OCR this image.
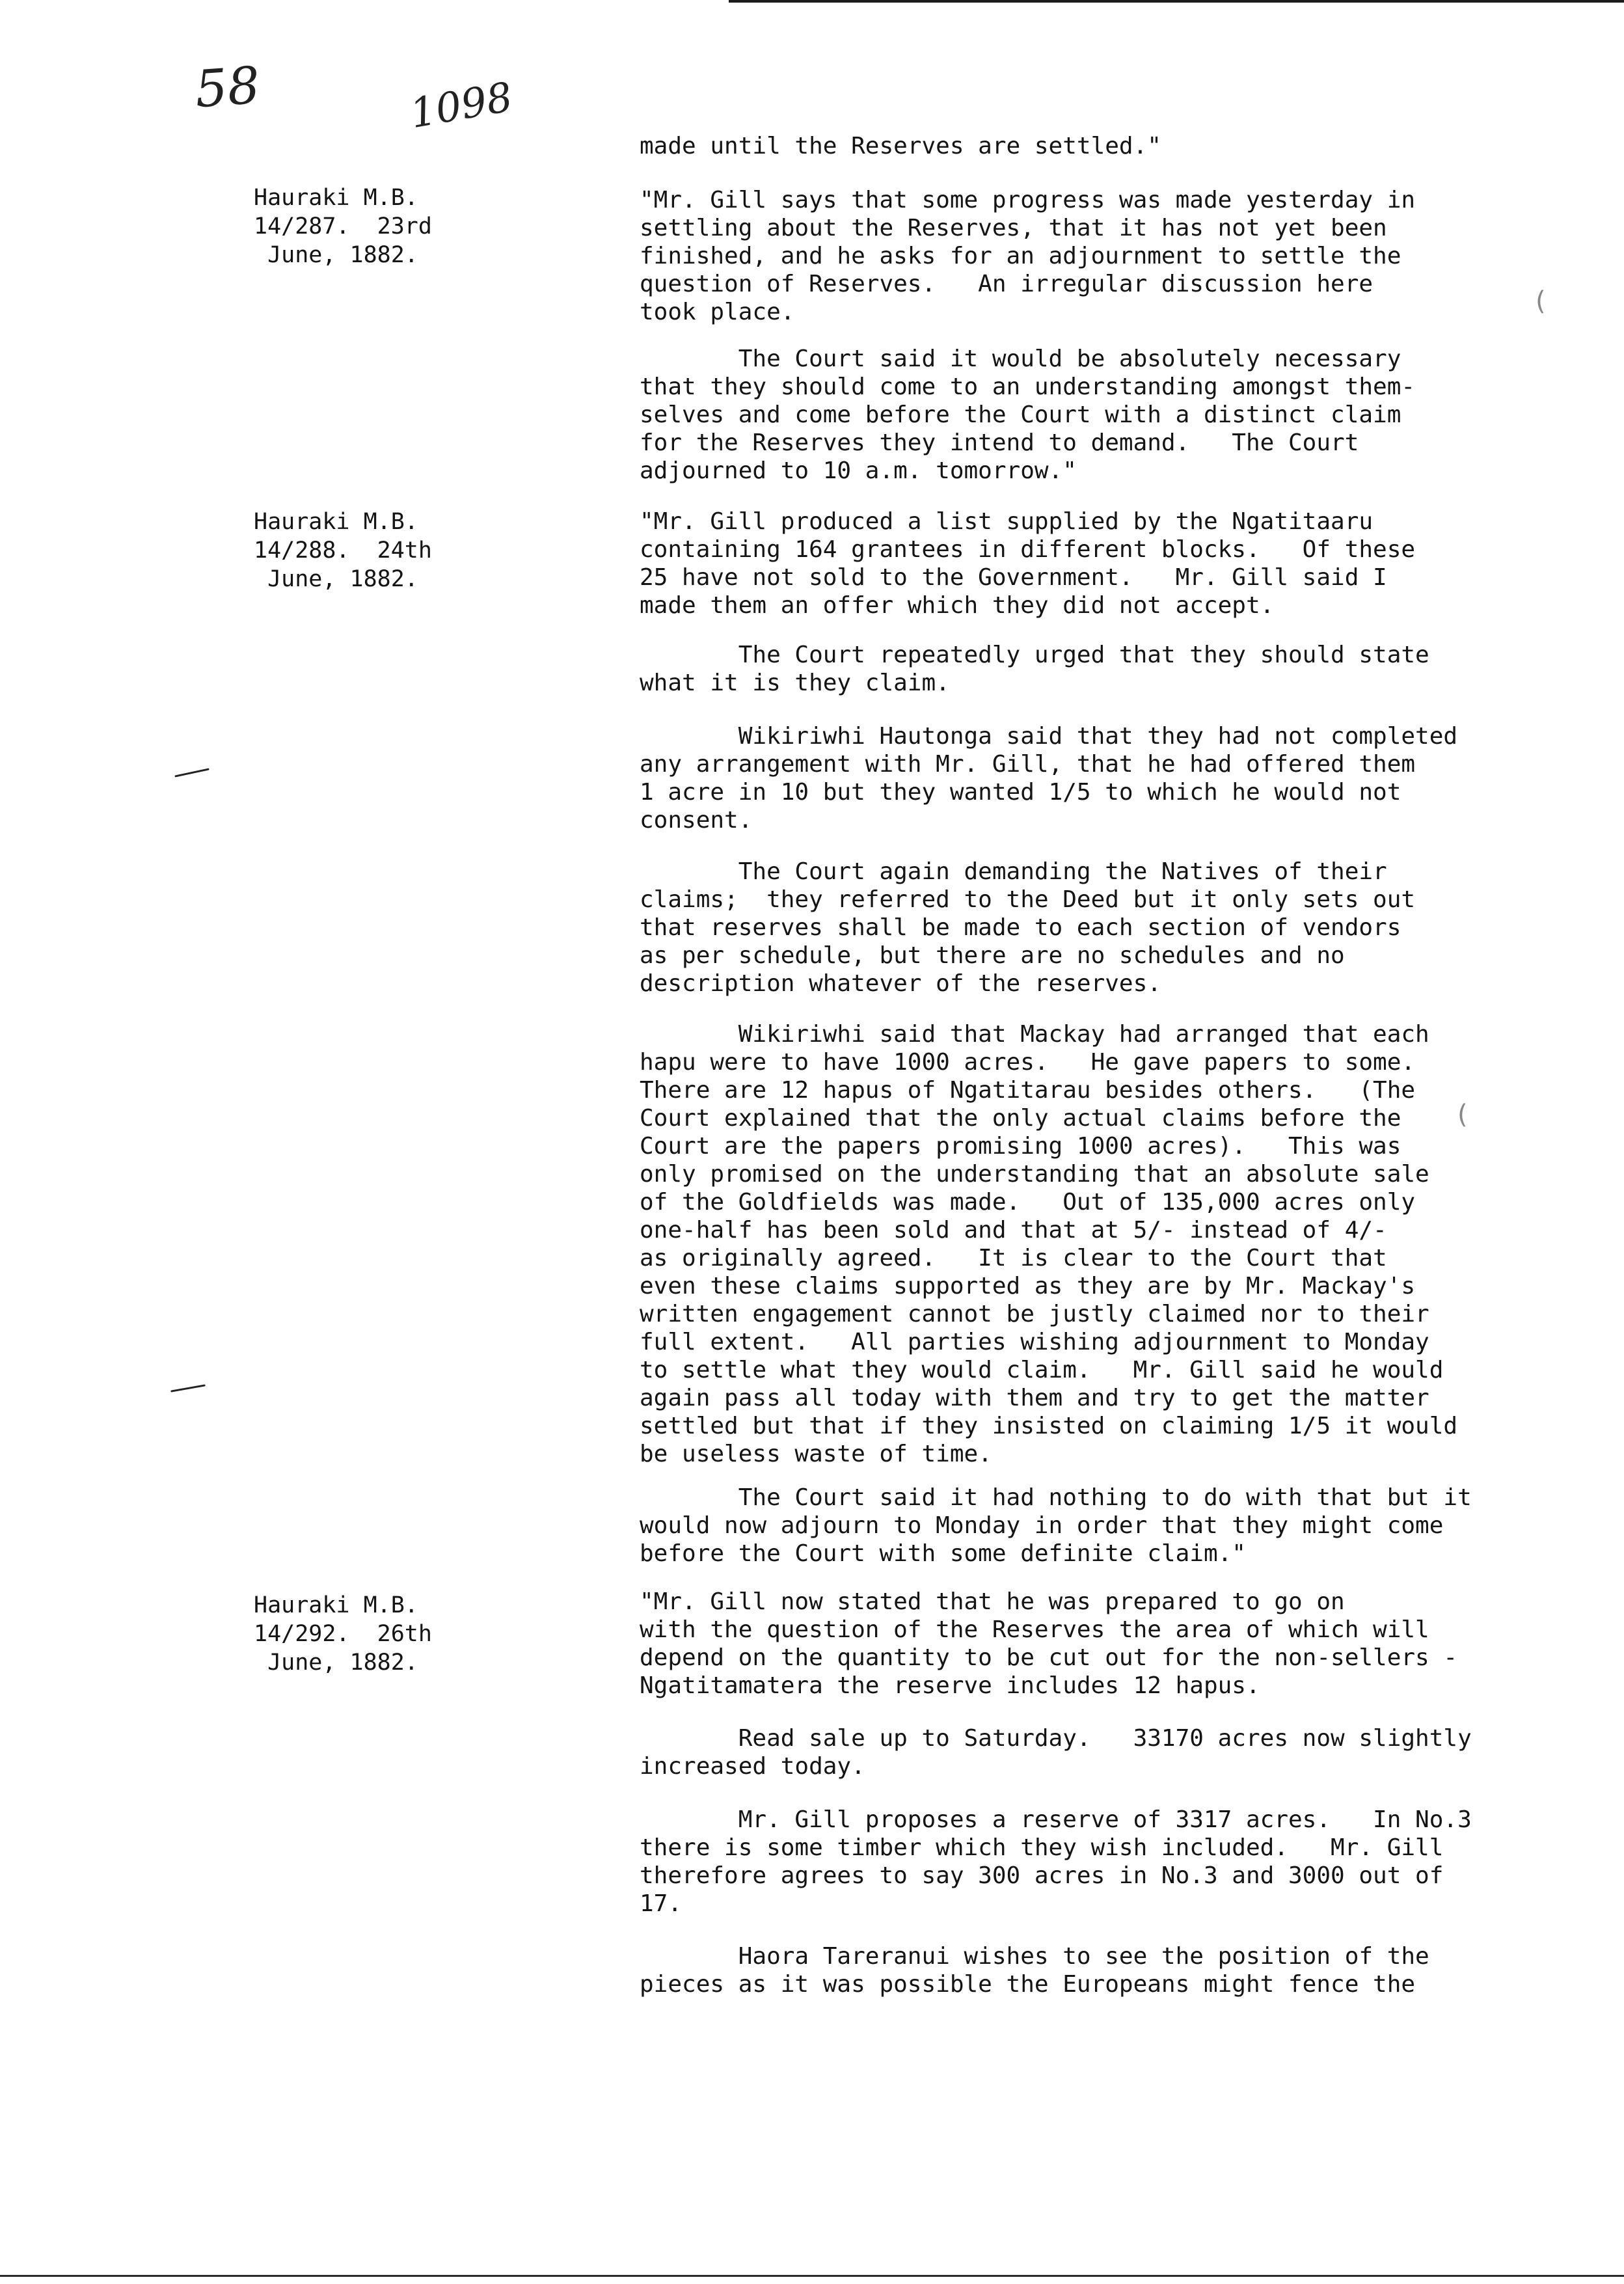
58	1098
Hauraki M.B.
14/287.  23rd
June, 1882.
Hauraki M.B.
14/288.  24th
June, 1882.
Hauraki M.B.
14/292.  26th
June, 1882.
made until the Reserves are settled."
"Mr. Gill says that some progress was made yesterday in
settling about the Reserves, that it has not yet been
finished, and he asks for an adjournment to settle the
question of Reserves.   An irregular discussion here
took place.
The Court said it would be absolutely necessary
that they should come to an understanding amongst them-
selves and come before the Court with a distinct claim
for the Reserves they intend to demand.   The Court
adjourned to 10 a.m. tomorrow."
"Mr. Gill produced a list supplied by the Ngatitaaru
containing 164 grantees in different blocks.   Of these
25 have not sold to the Government.   Mr. Gill said I
made them an offer which they did not accept.
The Court repeatedly urged that they should state
what it is they claim.
Wikiriwhi Hautonga said that they had not completed
any arrangement with Mr. Gill, that he had offered them
1 acre in 10 but they wanted 1/5 to which he would not
consent.
The Court again demanding the Natives of their
claims;  they referred to the Deed but it only sets out
that reserves shall be made to each section of vendors
as per schedule, but there are no schedules and no
description whatever of the reserves.
Wikiriwhi said that Mackay had arranged that each
hapu were to have 1000 acres.   He gave papers to some.
There are 12 hapus of Ngatitarau besides others.   (The
Court explained that the only actual claims before the
Court are the papers promising 1000 acres).   This was
only promised on the understanding that an absolute sale
of the Goldfields was made.   Out of 135,000 acres only
one-half has been sold and that at 5/- instead of 4/-
as originally agreed.   It is clear to the Court that
even these claims supported as they are by Mr. Mackay's
written engagement cannot be justly claimed nor to their
full extent.   All parties wishing adjournment to Monday
to settle what they would claim.   Mr. Gill said he would
again pass all today with them and try to get the matter
settled but that if they insisted on claiming 1/5 it would
be useless waste of time.
The Court said it had nothing to do with that but it
would now adjourn to Monday in order that they might come
before the Court with some definite claim."
"Mr. Gill now stated that he was prepared to go on
with the question of the Reserves the area of which will
depend on the quantity to be cut out for the non-sellers -
Ngatitamatera the reserve includes 12 hapus.
Read sale up to Saturday.   33170 acres now slightly
increased today.
Mr. Gill proposes a reserve of 3317 acres.   In No.3
there is some timber which they wish included.   Mr. Gill
therefore agrees to say 300 acres in No.3 and 3000 out of
17.
Haora Tareranui wishes to see the position of the
pieces as it was possible the Europeans might fence the
(
(
